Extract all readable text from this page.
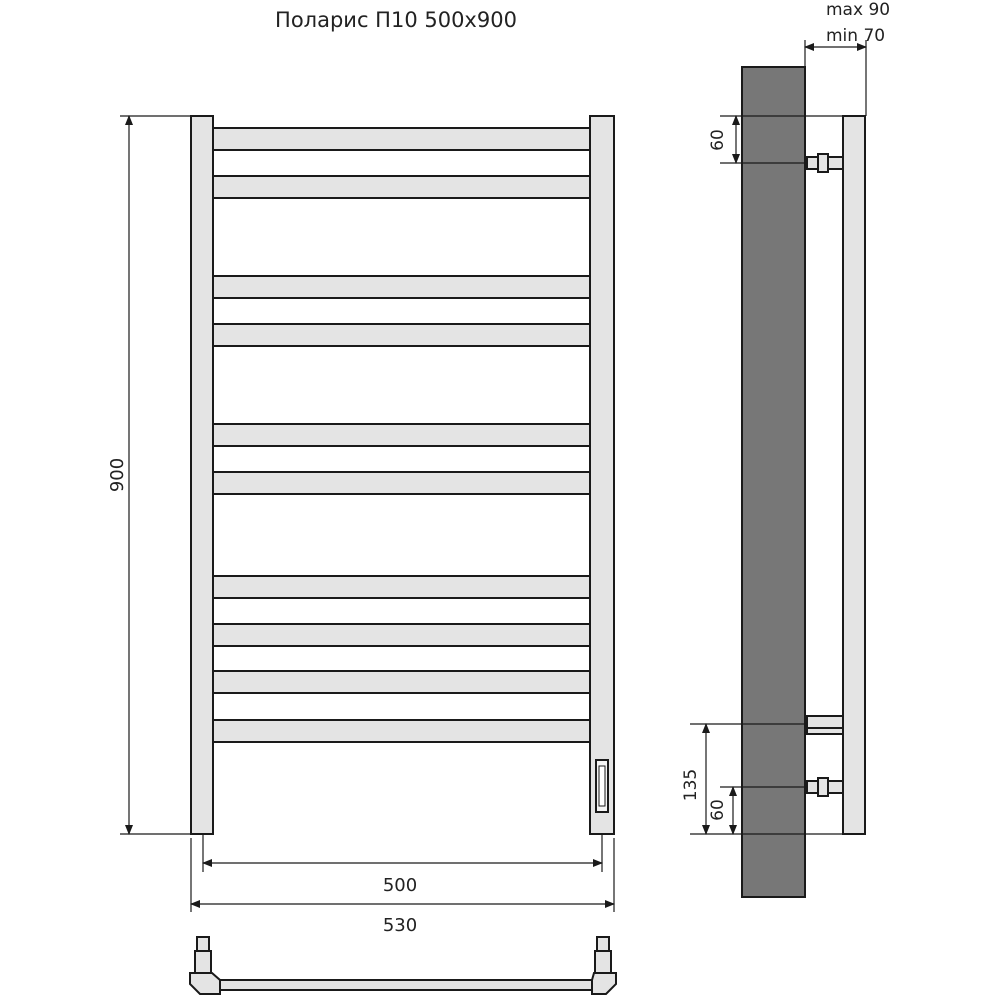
Поларис П10 500х900
900
500
530
max 90
min 70
60
135
60
